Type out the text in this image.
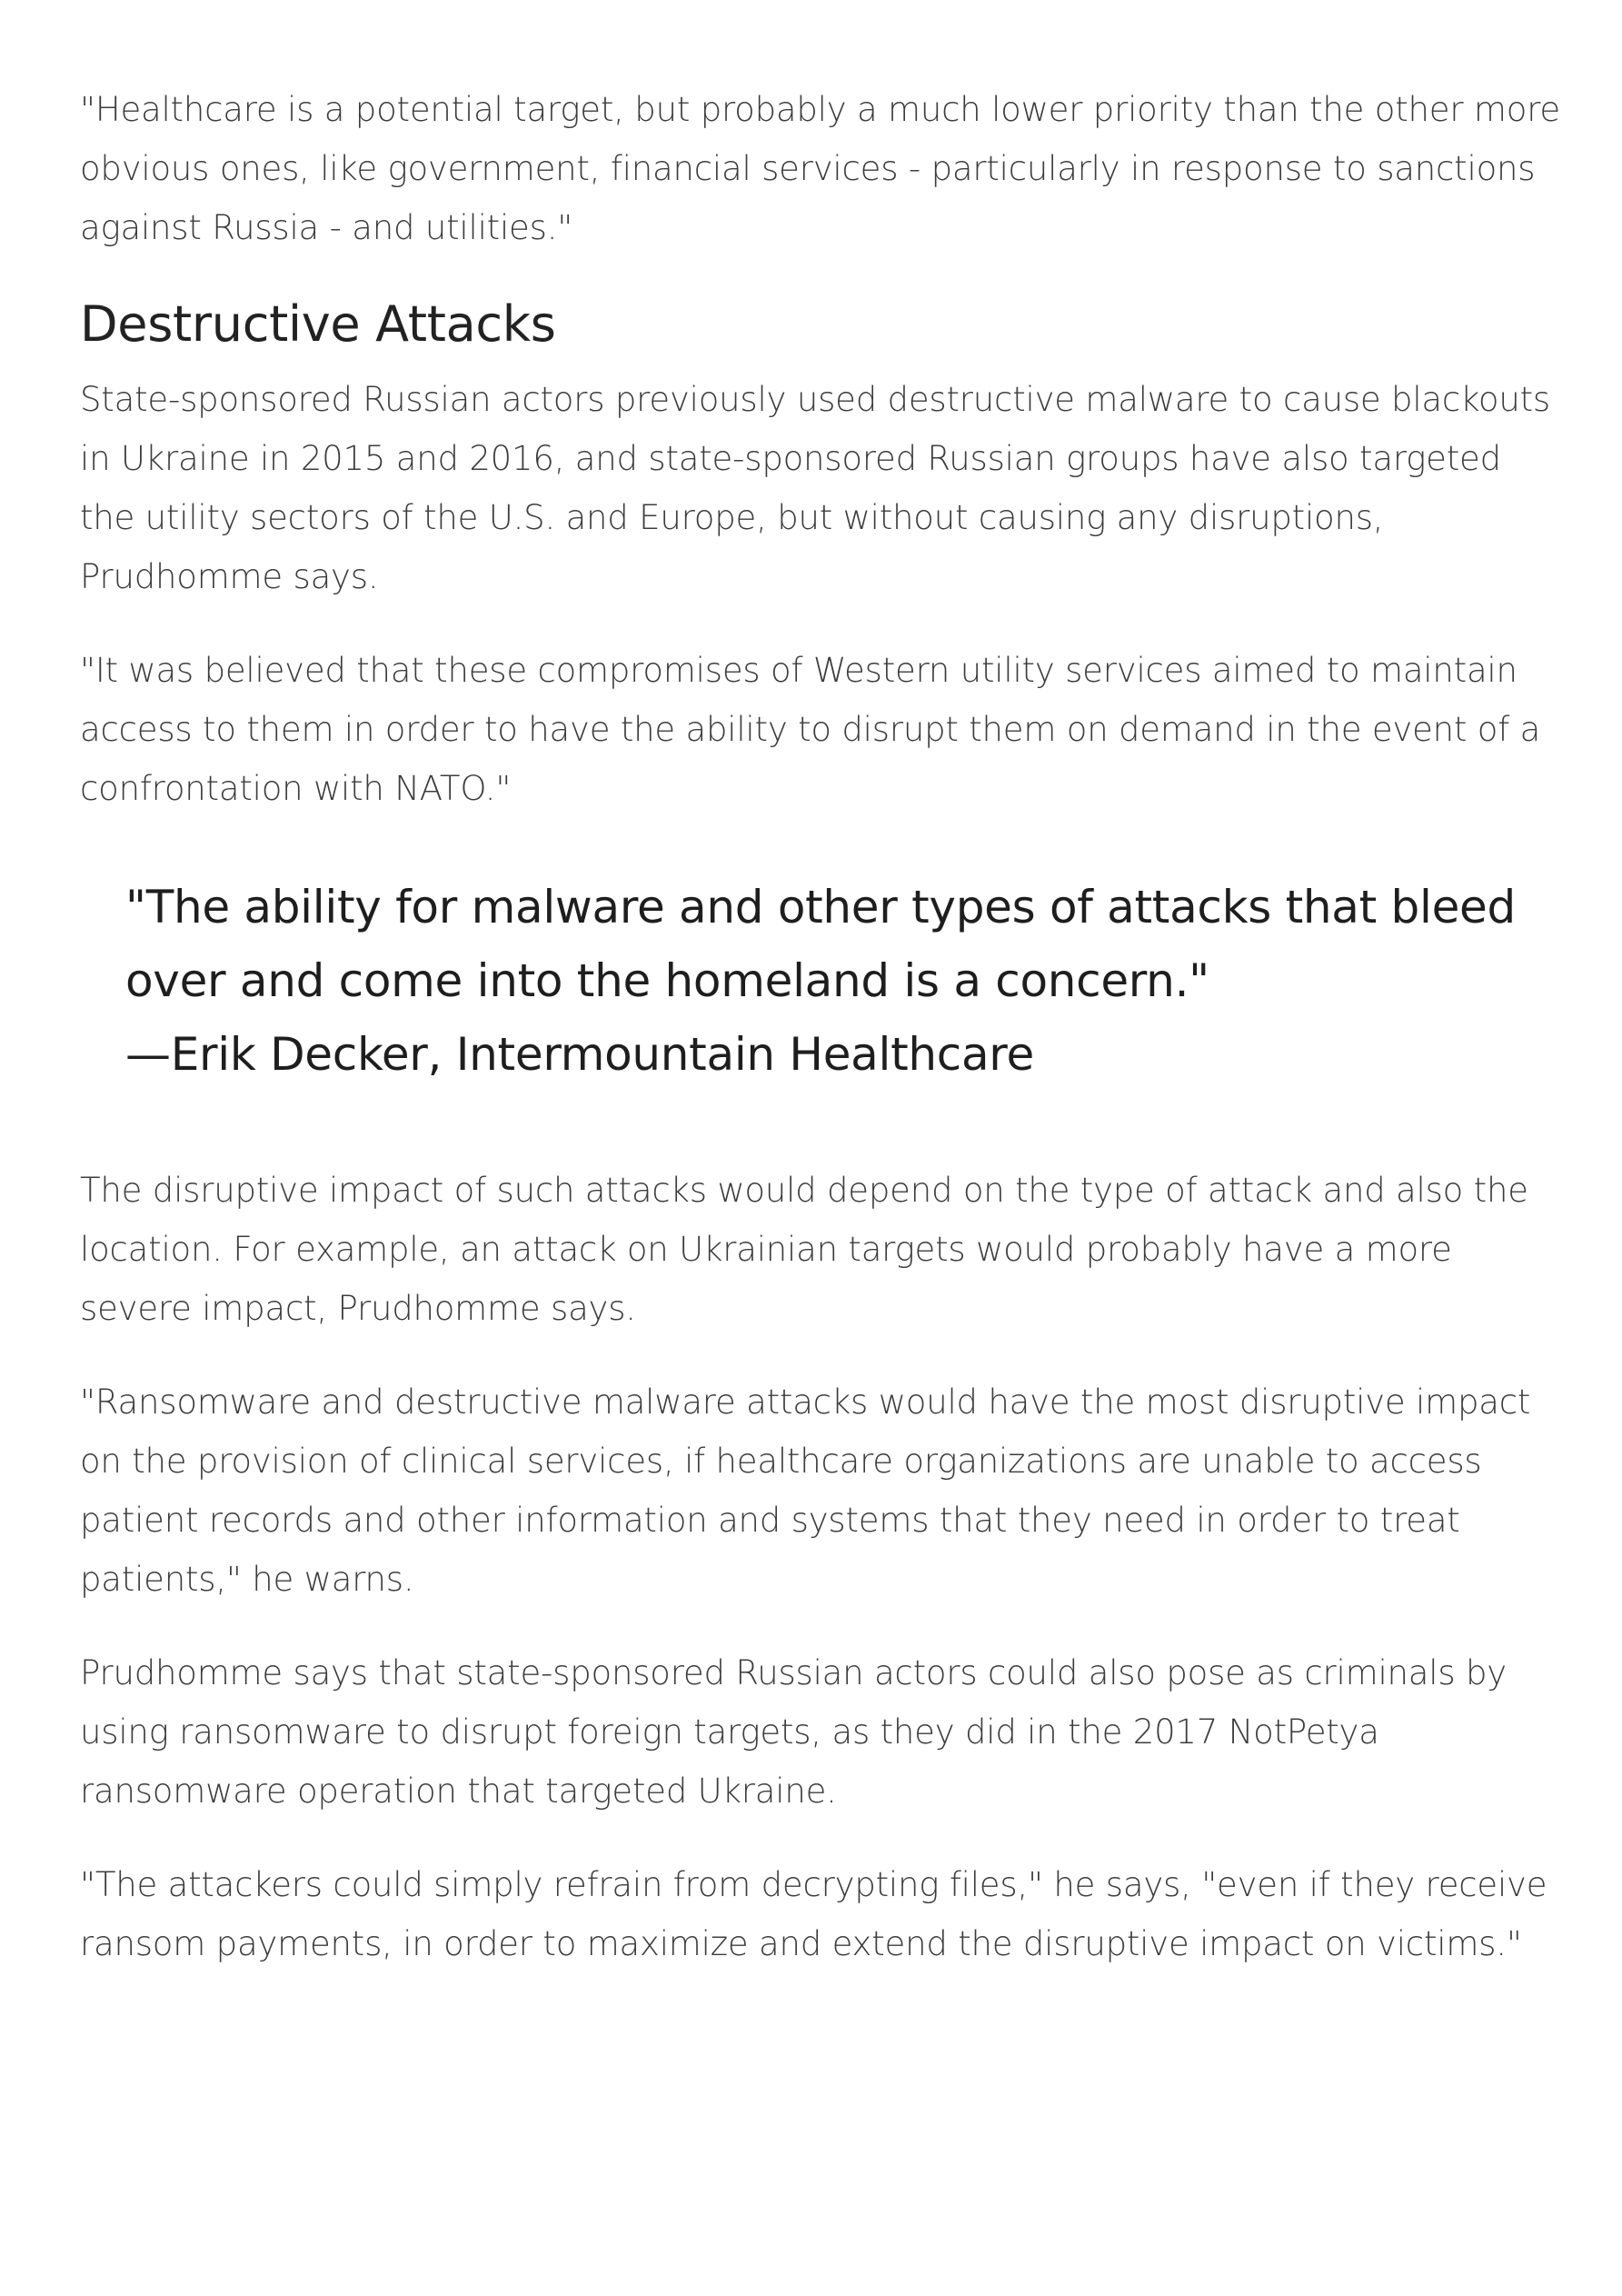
"Healthcare is a potential target, but probably a much lower priority than the other more obvious ones, like government, financial services - particularly in response to sanctions against Russia - and utilities."

Destructive Attacks

State-sponsored Russian actors previously used destructive malware to cause blackouts in Ukraine in 2015 and 2016, and state-sponsored Russian groups have also targeted the utility sectors of the U.S. and Europe, but without causing any disruptions, Prudhomme says.

"It was believed that these compromises of Western utility services aimed to maintain access to them in order to have the ability to disrupt them on demand in the event of a confrontation with NATO."

"The ability for malware and other types of attacks that bleed over and come into the homeland is a concern."
—Erik Decker, Intermountain Healthcare

The disruptive impact of such attacks would depend on the type of attack and also the location. For example, an attack on Ukrainian targets would probably have a more severe impact, Prudhomme says.

"Ransomware and destructive malware attacks would have the most disruptive impact on the provision of clinical services, if healthcare organizations are unable to access patient records and other information and systems that they need in order to treat patients," he warns.

Prudhomme says that state-sponsored Russian actors could also pose as criminals by using ransomware to disrupt foreign targets, as they did in the 2017 NotPetya ransomware operation that targeted Ukraine.

"The attackers could simply refrain from decrypting files," he says, "even if they receive ransom payments, in order to maximize and extend the disruptive impact on victims."
